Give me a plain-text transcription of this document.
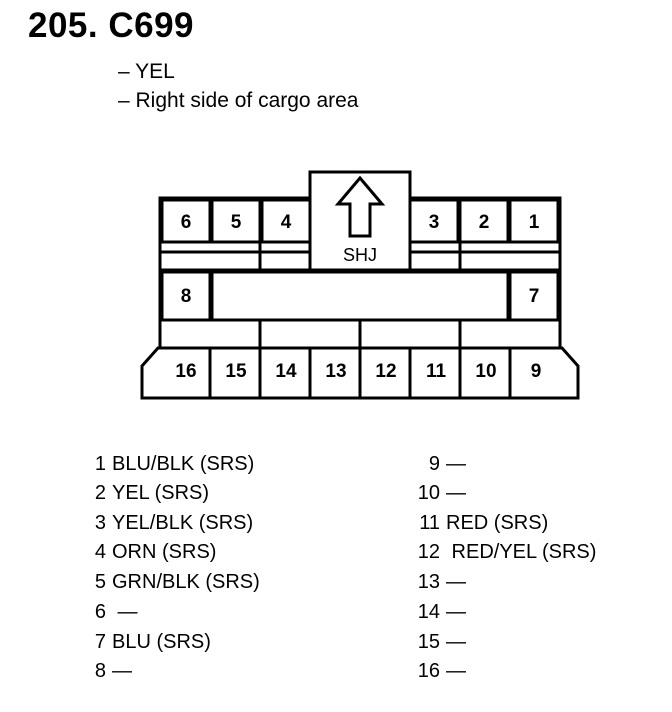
205. C699
– YEL
– Right side of cargo area
SHJ
6 5 4	3 2 1
8	7
16 15 14 13 12 11 10 9
1 BLU/BLK (SRS)
2 YEL (SRS)
3 YEL/BLK (SRS)
4 ORN (SRS)
5 GRN/BLK (SRS)
6 —
7 BLU (SRS)
8 —
9 —
10 —
11 RED (SRS)
12 RED/YEL (SRS)
13 —
14 —
15 —
16 —
